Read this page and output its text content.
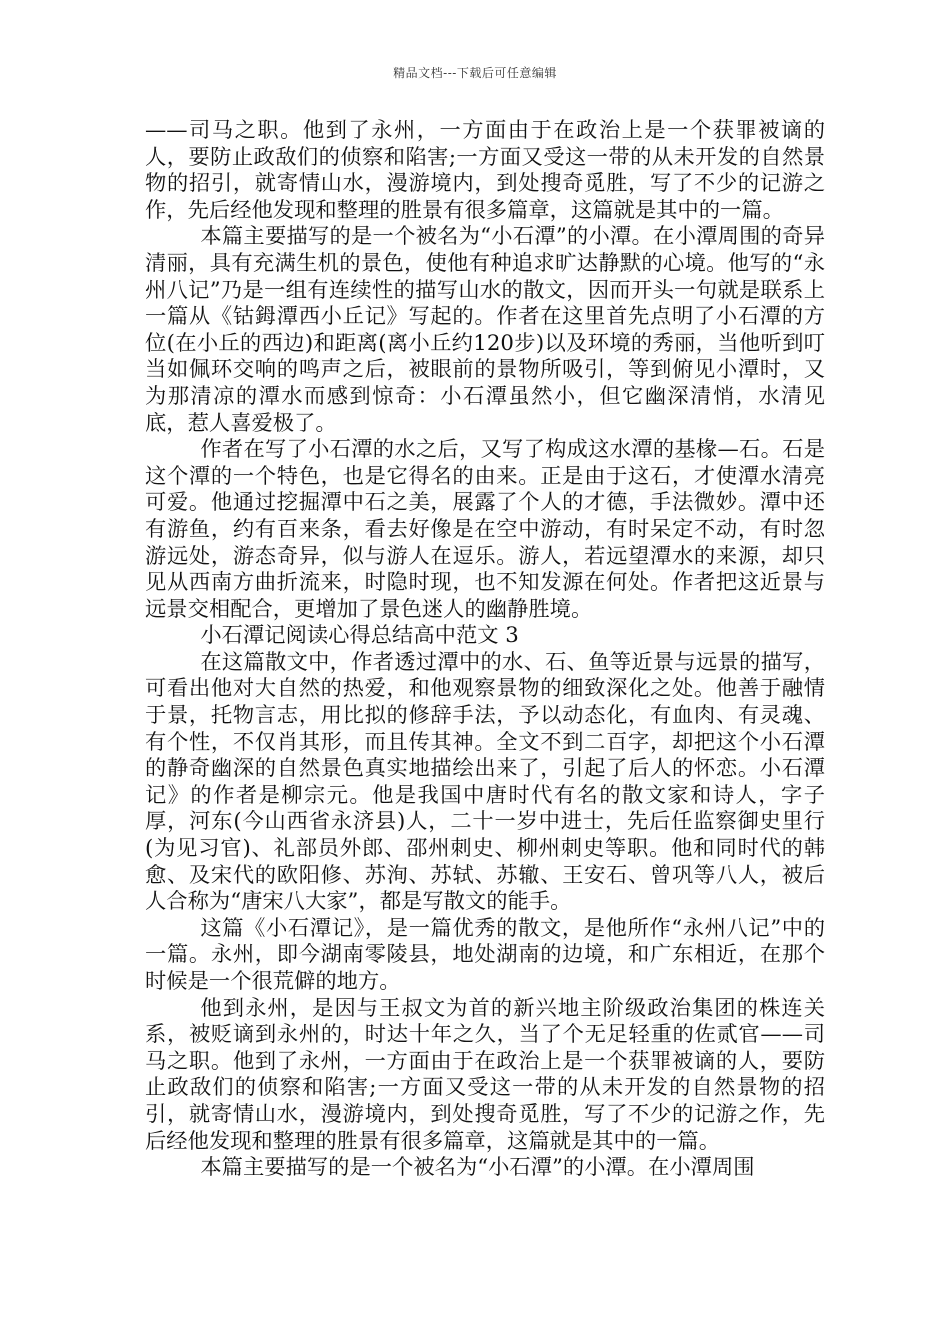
精品文档---下载后可任意编辑

——司马之职。他到了永州，一方面由于在政治上是一个获罪被谪的人，要防止政敌们的侦察和陷害;一方面又受这一带的从未开发的自然景物的招引，就寄情山水，漫游境内，到处搜奇觅胜，写了不少的记游之作，先后经他发现和整理的胜景有很多篇章，这篇就是其中的一篇。

本篇主要描写的是一个被名为“小石潭”的小潭。在小潭周围的奇异清丽，具有充满生机的景色，使他有种追求旷达静默的心境。他写的“永州八记”乃是一组有连续性的描写山水的散文，因而开头一句就是联系上一篇从《钴鉧潭西小丘记》写起的。作者在这里首先点明了小石潭的方位(在小丘的西边)和距离(离小丘约120步)以及环境的秀丽，当他听到叮当如佩环交响的鸣声之后，被眼前的景物所吸引，等到俯见小潭时，又为那清凉的潭水而感到惊奇：小石潭虽然小，但它幽深清悄，水清见底，惹人喜爱极了。

作者在写了小石潭的水之后，又写了构成这水潭的基椽—石。石是这个潭的一个特色，也是它得名的由来。正是由于这石，才使潭水清亮可爱。他通过挖掘潭中石之美，展露了个人的才德，手法微妙。潭中还有游鱼，约有百来条，看去好像是在空中游动，有时呆定不动，有时忽游远处，游态奇异，似与游人在逗乐。游人，若远望潭水的来源，却只见从西南方曲折流来，时隐时现，也不知发源在何处。作者把这近景与远景交相配合，更增加了景色迷人的幽静胜境。

小石潭记阅读心得总结高中范文 3

在这篇散文中，作者透过潭中的水、石、鱼等近景与远景的描写，可看出他对大自然的热爱，和他观察景物的细致深化之处。他善于融情于景，托物言志，用比拟的修辞手法，予以动态化，有血肉、有灵魂、有个性，不仅肖其形，而且传其神。全文不到二百字，却把这个小石潭的静奇幽深的自然景色真实地描绘出来了，引起了后人的怀恋。小石潭记》的作者是柳宗元。他是我国中唐时代有名的散文家和诗人，字子厚，河东(今山西省永济县)人，二十一岁中进士，先后任监察御史里行(为见习官)、礼部员外郎、邵州刺史、柳州刺史等职。他和同时代的韩愈、及宋代的欧阳修、苏洵、苏轼、苏辙、王安石、曾巩等八人，被后人合称为“唐宋八大家”，都是写散文的能手。

这篇《小石潭记》，是一篇优秀的散文，是他所作“永州八记”中的一篇。永州，即今湖南零陵县，地处湖南的边境，和广东相近，在那个时候是一个很荒僻的地方。

他到永州，是因与王叔文为首的新兴地主阶级政治集团的株连关系，被贬谪到永州的，时达十年之久，当了个无足轻重的佐贰官——司马之职。他到了永州，一方面由于在政治上是一个获罪被谪的人，要防止政敌们的侦察和陷害;一方面又受这一带的从未开发的自然景物的招引，就寄情山水，漫游境内，到处搜奇觅胜，写了不少的记游之作，先后经他发现和整理的胜景有很多篇章，这篇就是其中的一篇。

本篇主要描写的是一个被名为“小石潭”的小潭。在小潭周围
